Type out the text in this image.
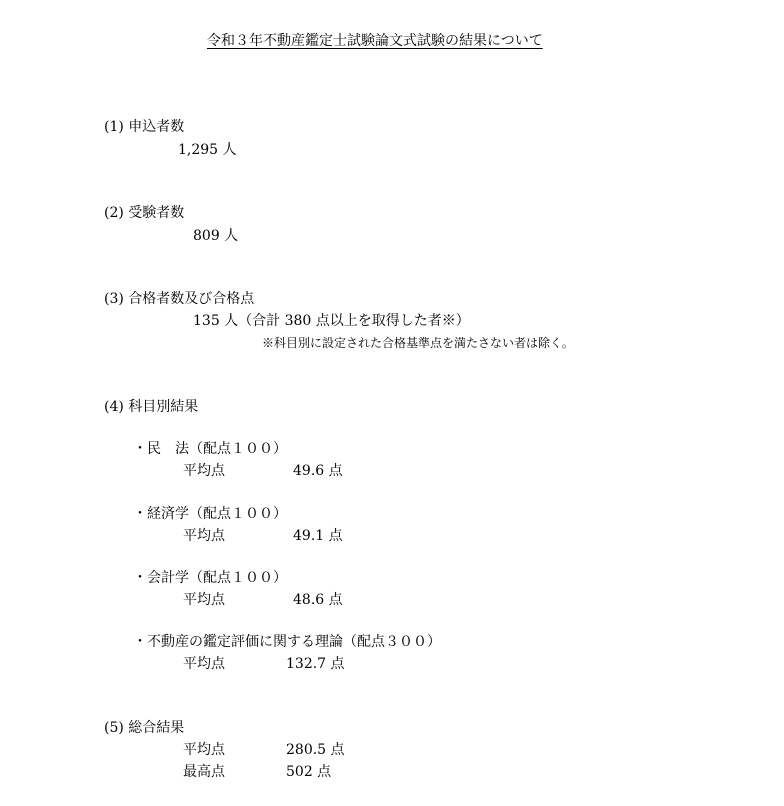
令和３年不動産鑑定士試験論文式試験の結果について
(1) 申込者数
1,295 人
(2) 受験者数
809 人
(3) 合格者数及び合格点
135 人（合計 380 点以上を取得した者※）
※科目別に設定された合格基準点を満たさない者は除く。
(4) 科目別結果
・民　法（配点１００）
平均点	49.6 点
・経済学（配点１００）
平均点	49.1 点
・会計学（配点１００）
平均点	48.6 点
・不動産の鑑定評価に関する理論（配点３００）
平均点	132.7 点
(5) 総合結果
平均点	280.5 点
最高点	502 点
